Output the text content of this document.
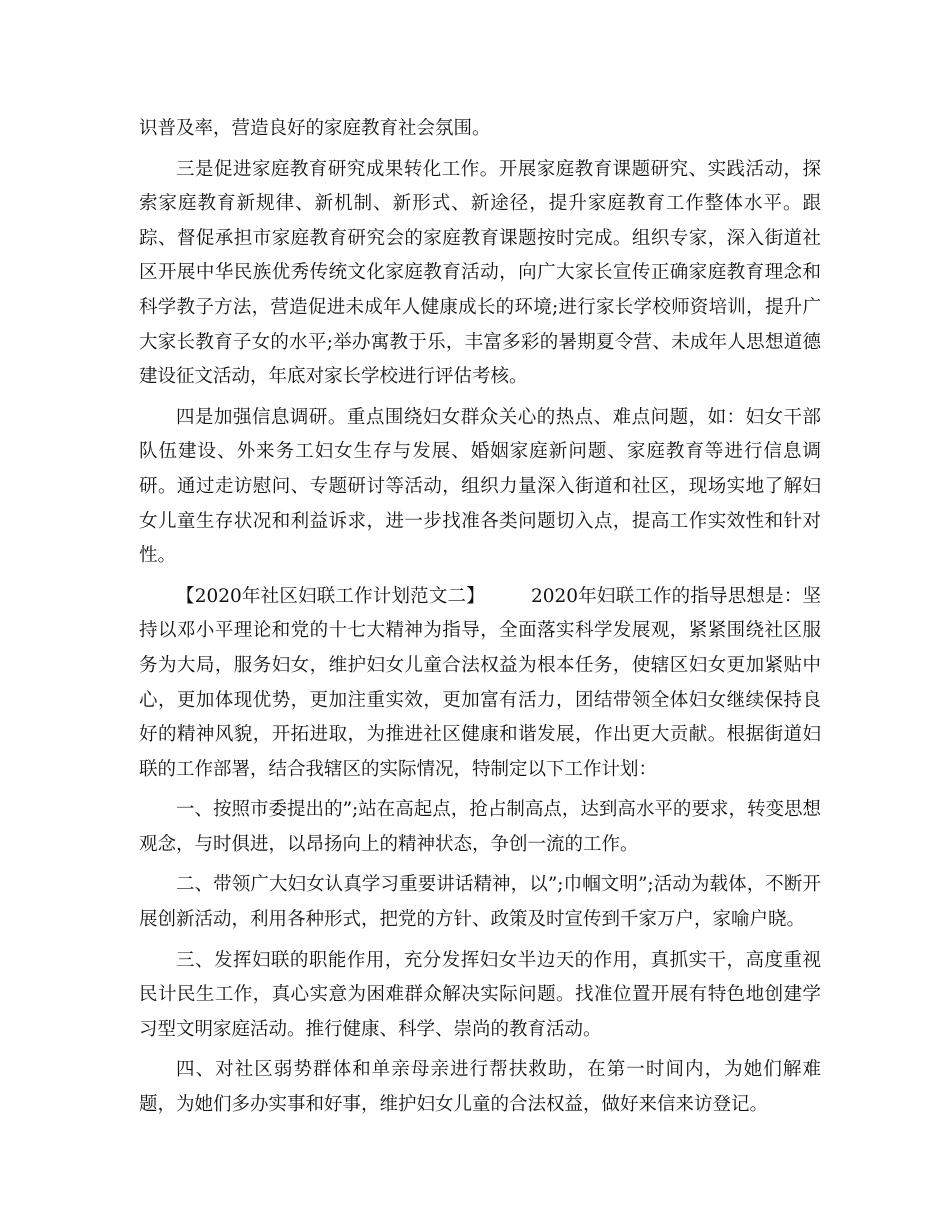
识普及率，营造良好的家庭教育社会氛围。

三是促进家庭教育研究成果转化工作。开展家庭教育课题研究、实践活动，探索家庭教育新规律、新机制、新形式、新途径，提升家庭教育工作整体水平。跟踪、督促承担市家庭教育研究会的家庭教育课题按时完成。组织专家，深入街道社区开展中华民族优秀传统文化家庭教育活动，向广大家长宣传正确家庭教育理念和科学教子方法，营造促进未成年人健康成长的环境;进行家长学校师资培训，提升广大家长教育子女的水平;举办寓教于乐，丰富多彩的暑期夏令营、未成年人思想道德建设征文活动，年底对家长学校进行评估考核。

四是加强信息调研。重点围绕妇女群众关心的热点、难点问题，如：妇女干部队伍建设、外来务工妇女生存与发展、婚姻家庭新问题、家庭教育等进行信息调研。通过走访慰问、专题研讨等活动，组织力量深入街道和社区，现场实地了解妇女儿童生存状况和利益诉求，进一步找准各类问题切入点，提高工作实效性和针对性。

【2020年社区妇联工作计划范文二】 2020年妇联工作的指导思想是：坚持以邓小平理论和党的十七大精神为指导，全面落实科学发展观，紧紧围绕社区服务为大局，服务妇女，维护妇女儿童合法权益为根本任务，使辖区妇女更加紧贴中心，更加体现优势，更加注重实效，更加富有活力，团结带领全体妇女继续保持良好的精神风貌，开拓进取，为推进社区健康和谐发展，作出更大贡献。根据街道妇联的工作部署，结合我辖区的实际情况，特制定以下工作计划：

一、按照市委提出的”;站在高起点，抢占制高点，达到高水平的要求，转变思想观念，与时俱进，以昂扬向上的精神状态，争创一流的工作。

二、带领广大妇女认真学习重要讲话精神，以”;巾帼文明”;活动为载体，不断开展创新活动，利用各种形式，把党的方针、政策及时宣传到千家万户，家喻户晓。

三、发挥妇联的职能作用，充分发挥妇女半边天的作用，真抓实干，高度重视民计民生工作，真心实意为困难群众解决实际问题。找准位置开展有特色地创建学习型文明家庭活动。推行健康、科学、崇尚的教育活动。

四、对社区弱势群体和单亲母亲进行帮扶救助，在第一时间内，为她们解难题，为她们多办实事和好事，维护妇女儿童的合法权益，做好来信来访登记。
